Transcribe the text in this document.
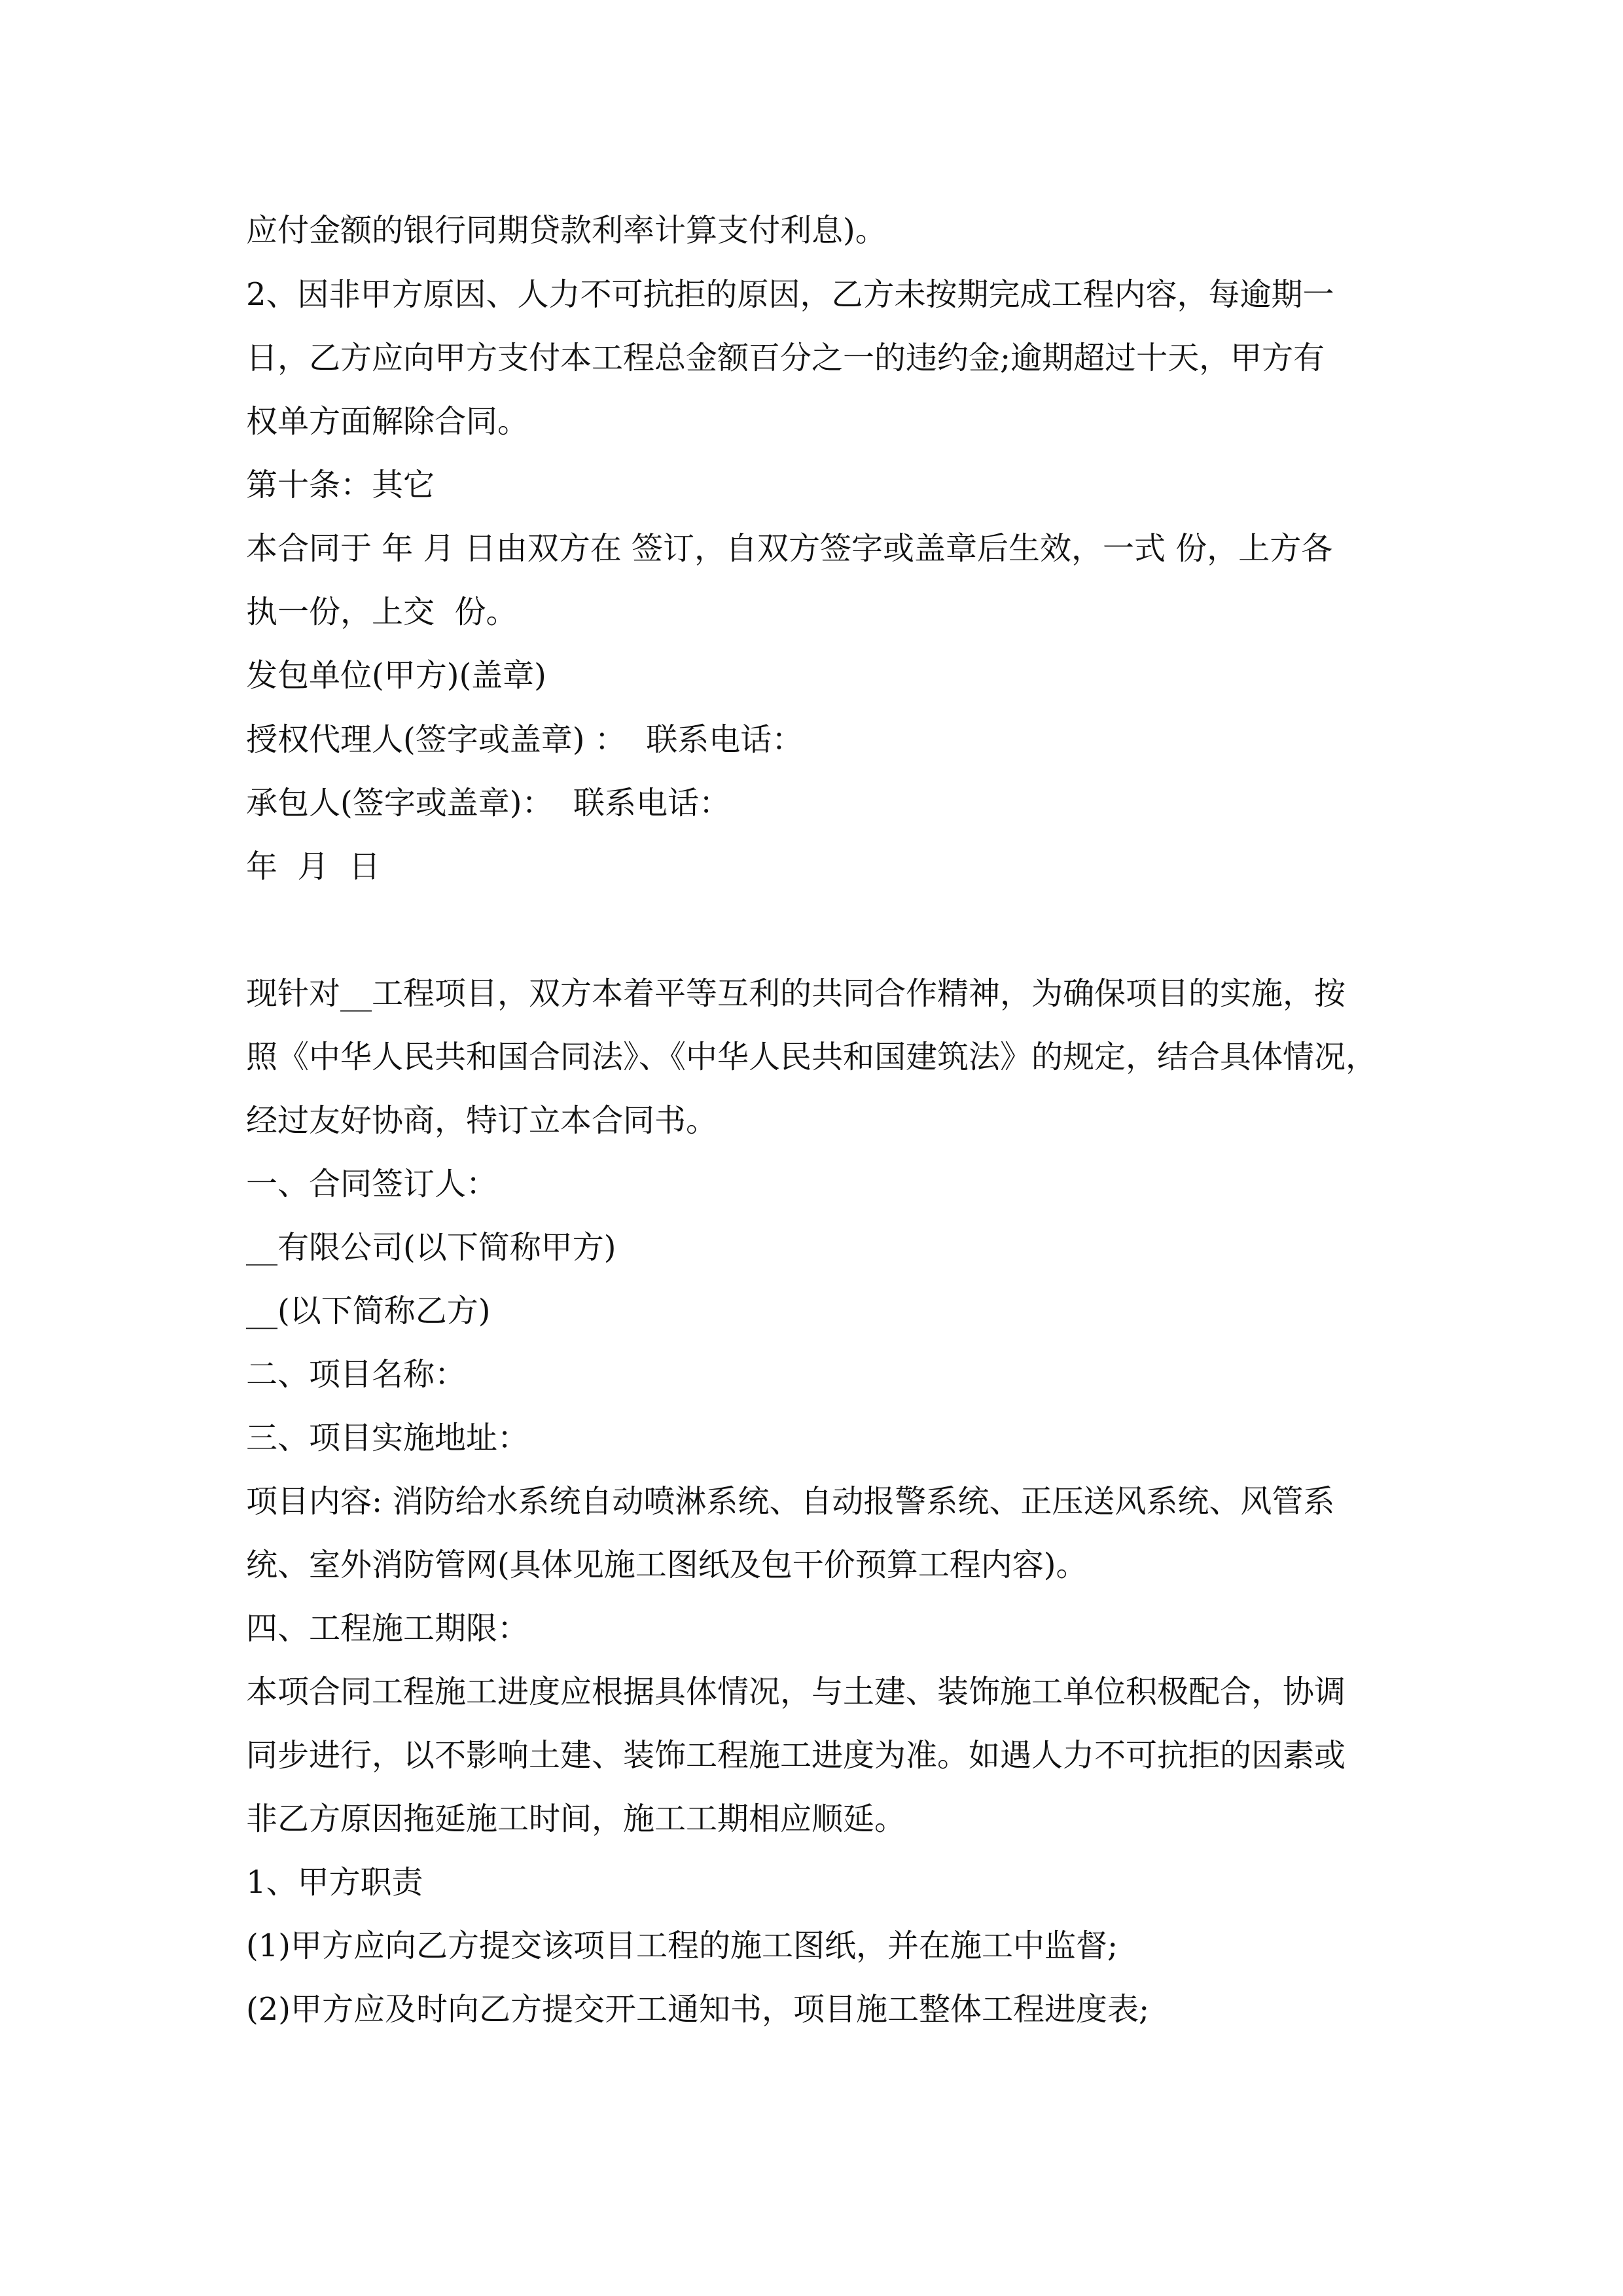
应付金额的银行同期贷款利率计算支付利息)。

2、因非甲方原因、人力不可抗拒的原因，乙方未按期完成工程内容，每逾期一

日，乙方应向甲方支付本工程总金额百分之一的违约金;逾期超过十天，甲方有

权单方面解除合同。

第十条：其它

本合同于 年 月 日由双方在 签订，自双方签字或盖章后生效，一式 份，上方各

执一份，上交  份。

发包单位(甲方)(盖章)

授权代理人(签字或盖章) ：  联系电话：

承包人(签字或盖章)：  联系电话：

年  月  日

现针对__工程项目，双方本着平等互利的共同合作精神，为确保项目的实施，按

照《中华人民共和国合同法》、《中华人民共和国建筑法》的规定，结合具体情况，

经过友好协商，特订立本合同书。

一、合同签订人：

__有限公司(以下简称甲方)

__(以下简称乙方)

二、项目名称：

三、项目实施地址：

项目内容: 消防给水系统自动喷淋系统、自动报警系统、正压送风系统、风管系

统、室外消防管网(具体见施工图纸及包干价预算工程内容)。

四、工程施工期限：

本项合同工程施工进度应根据具体情况，与土建、装饰施工单位积极配合，协调

同步进行，以不影响土建、装饰工程施工进度为准。如遇人力不可抗拒的因素或

非乙方原因拖延施工时间，施工工期相应顺延。

1、甲方职责

(1)甲方应向乙方提交该项目工程的施工图纸，并在施工中监督;

(2)甲方应及时向乙方提交开工通知书，项目施工整体工程进度表;
